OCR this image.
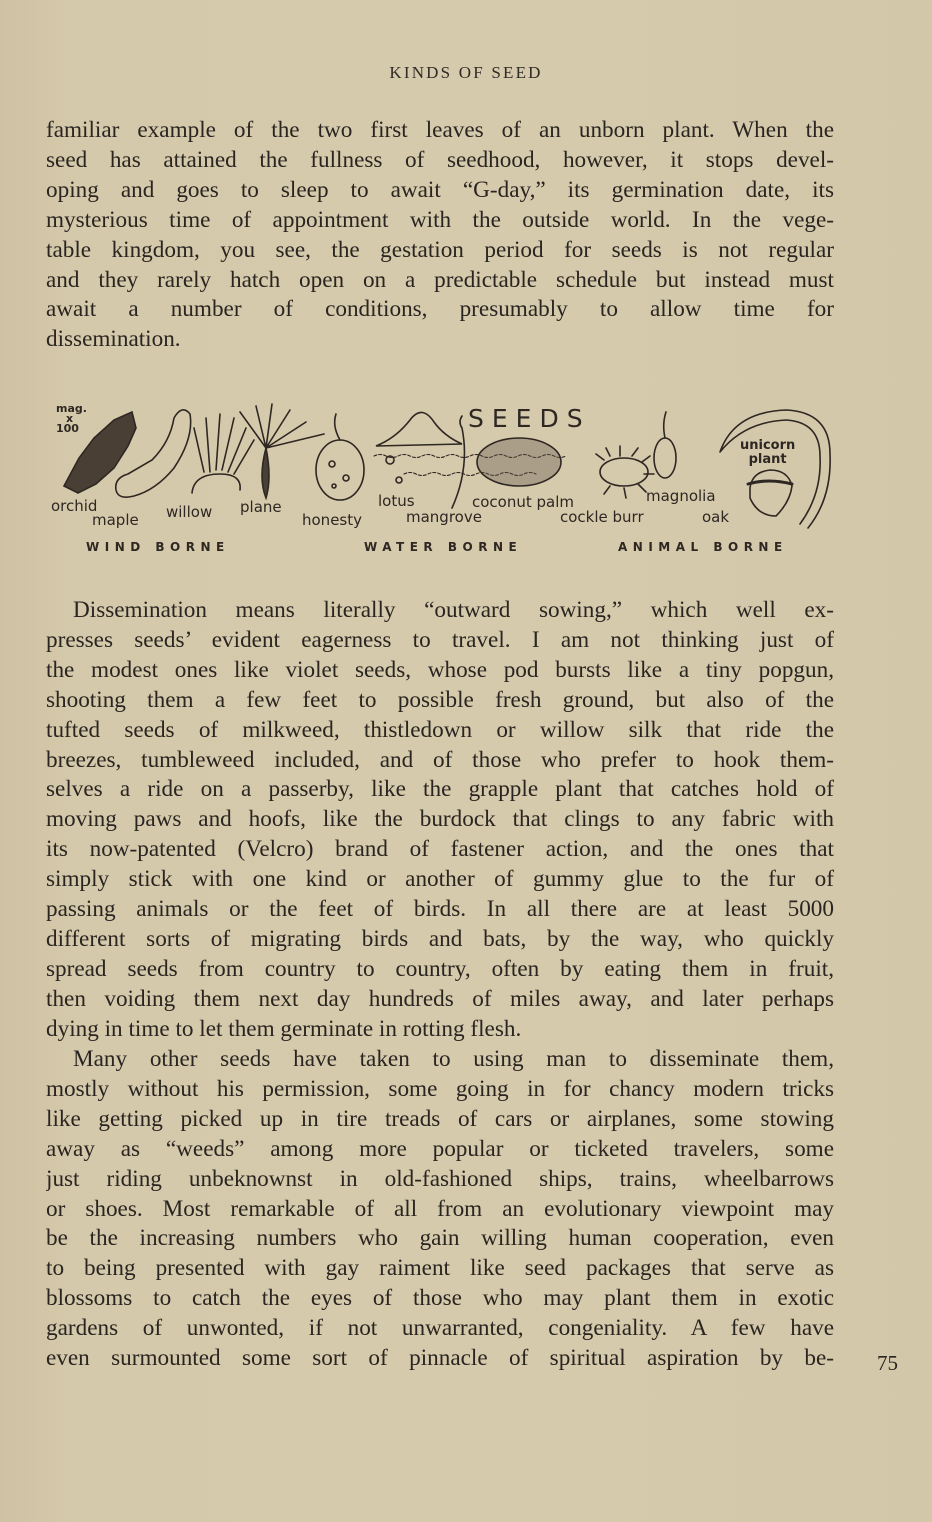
KINDS OF SEED
familiar example of the two first leaves of an unborn plant. When the
seed has attained the fullness of seedhood, however, it stops devel-
oping and goes to sleep to await “G-day,” its germination date, its
mysterious time of appointment with the outside world. In the vege-
table kingdom, you see, the gestation period for seeds is not regular
and they rarely hatch open on a predictable schedule but instead must
await a number of conditions, presumably to allow time for
dissemination.
mag.
x
100	SEEDS
orchid
maple willow plane
honesty
lotus
mangrove
coconut palm
cockle burr
magnolia
oak
unicorn
plant
WIND BORNE	WATER BORNE	ANIMAL BORNE
Dissemination means literally “outward sowing,” which well ex-
presses seeds’ evident eagerness to travel. I am not thinking just of
the modest ones like violet seeds, whose pod bursts like a tiny popgun,
shooting them a few feet to possible fresh ground, but also of the
tufted seeds of milkweed, thistledown or willow silk that ride the
breezes, tumbleweed included, and of those who prefer to hook them-
selves a ride on a passerby, like the grapple plant that catches hold of
moving paws and hoofs, like the burdock that clings to any fabric with
its now-patented (Velcro) brand of fastener action, and the ones that
simply stick with one kind or another of gummy glue to the fur of
passing animals or the feet of birds. In all there are at least 5000
different sorts of migrating birds and bats, by the way, who quickly
spread seeds from country to country, often by eating them in fruit,
then voiding them next day hundreds of miles away, and later perhaps
dying in time to let them germinate in rotting flesh.
Many other seeds have taken to using man to disseminate them,
mostly without his permission, some going in for chancy modern tricks
like getting picked up in tire treads of cars or airplanes, some stowing
away as “weeds” among more popular or ticketed travelers, some
just riding unbeknownst in old-fashioned ships, trains, wheelbarrows
or shoes. Most remarkable of all from an evolutionary viewpoint may
be the increasing numbers who gain willing human cooperation, even
to being presented with gay raiment like seed packages that serve as
blossoms to catch the eyes of those who may plant them in exotic
gardens of unwonted, if not unwarranted, congeniality. A few have
even surmounted some sort of pinnacle of spiritual aspiration by be- 75
